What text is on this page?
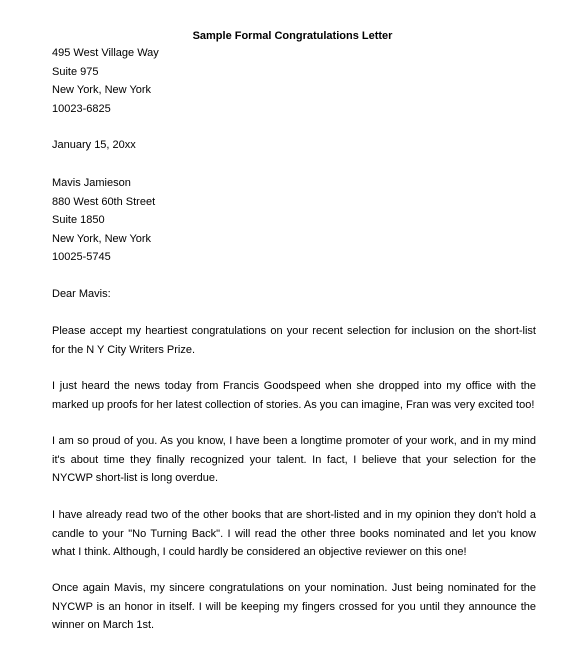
Sample Formal Congratulations Letter
495 West Village Way
Suite 975
New York, New York
10023-6825
January 15, 20xx
Mavis Jamieson
880 West 60th Street
Suite 1850
New York, New York
10025-5745
Dear Mavis:

Please accept my heartiest congratulations on your recent selection for inclusion on the short-list for the N Y City Writers Prize.

I just heard the news today from Francis Goodspeed when she dropped into my office with the marked up proofs for her latest collection of stories. As you can imagine, Fran was very excited too!

I am so proud of you. As you know, I have been a longtime promoter of your work, and in my mind it's about time they finally recognized your talent. In fact, I believe that your selection for the NYCWP short-list is long overdue.

I have already read two of the other books that are short-listed and in my opinion they don't hold a candle to your "No Turning Back". I will read the other three books nominated and let you know what I think. Although, I could hardly be considered an objective reviewer on this one!

Once again Mavis, my sincere congratulations on your nomination. Just being nominated for the NYCWP is an honor in itself. I will be keeping my fingers crossed for you until they announce the winner on March 1st.
